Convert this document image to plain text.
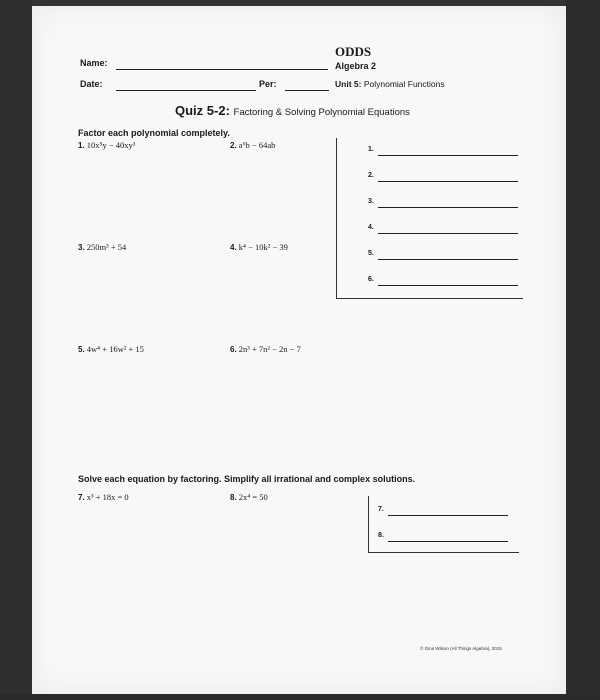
Name:
Date:	Per:
ODDS
Algebra 2
Unit 5: Polynomial Functions
Quiz 5-2: Factoring & Solving Polynomial Equations
Factor each polynomial completely.
1. 10x⁵y − 40xy³	2. a⁶b − 64ab
3. 250m³ + 54	4. k⁴ − 10k² − 39
5. 4w⁴ + 16w² + 15	6. 2n³ + 7n² − 2n − 7
1.
2.
3.
4.
5.
6.
Solve each equation by factoring. Simplify all irrational and complex solutions.
7. x³ + 18x = 0	8. 2x⁴ = 50
7.
8.
© Gina Wilson (All Things Algebra), 2015
